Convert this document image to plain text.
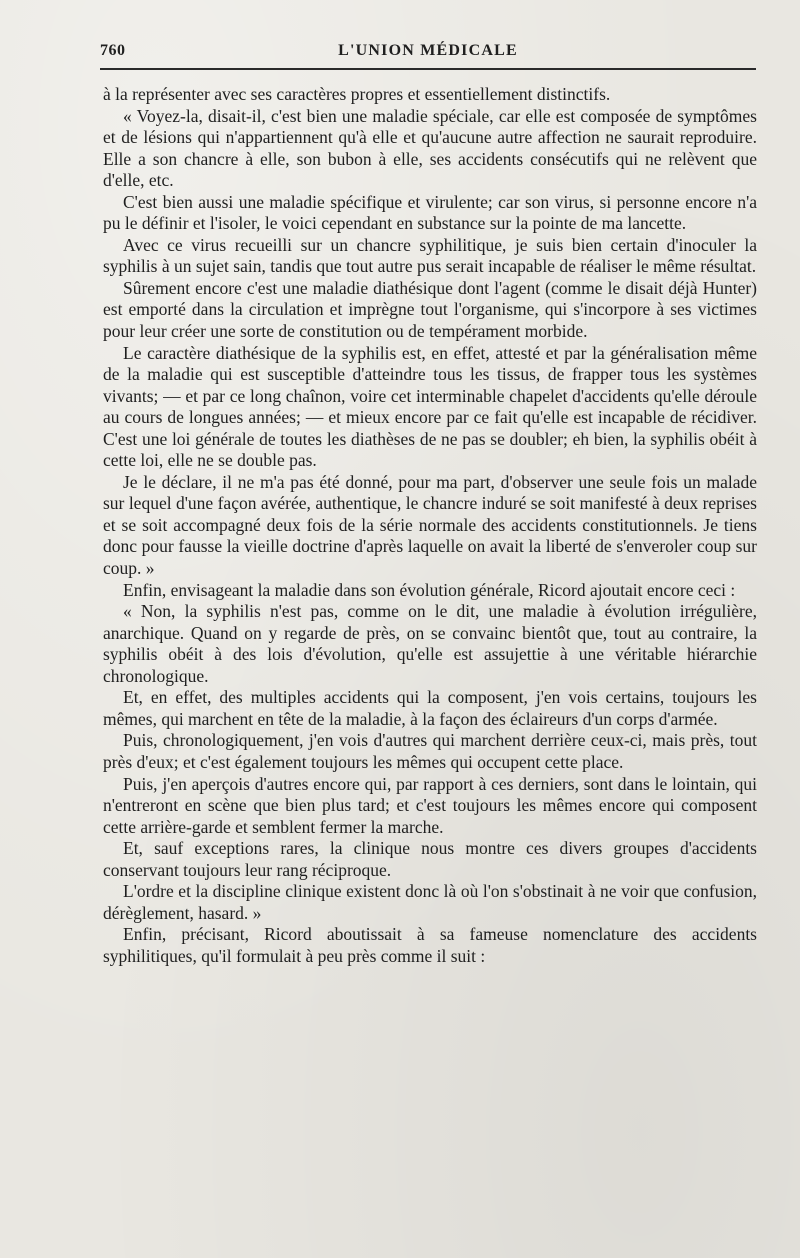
760	L'UNION MÉDICALE

à la représenter avec ses caractères propres et essentiellement distinctifs.

« Voyez-la, disait-il, c'est bien une maladie spéciale, car elle est composée de symptômes et de lésions qui n'appartiennent qu'à elle et qu'aucune autre affection ne saurait reproduire. Elle a son chancre à elle, son bubon à elle, ses accidents consécutifs qui ne relèvent que d'elle, etc.

C'est bien aussi une maladie spécifique et virulente; car son virus, si personne encore n'a pu le définir et l'isoler, le voici cependant en substance sur la pointe de ma lancette.

Avec ce virus recueilli sur un chancre syphilitique, je suis bien certain d'inoculer la syphilis à un sujet sain, tandis que tout autre pus serait incapable de réaliser le même résultat.

Sûrement encore c'est une maladie diathésique dont l'agent (comme le disait déjà Hunter) est emporté dans la circulation et imprègne tout l'organisme, qui s'incorpore à ses victimes pour leur créer une sorte de constitution ou de tempérament morbide.

Le caractère diathésique de la syphilis est, en effet, attesté et par la généralisation même de la maladie qui est susceptible d'atteindre tous les tissus, de frapper tous les systèmes vivants; — et par ce long chaînon, voire cet interminable chapelet d'accidents qu'elle déroule au cours de longues années; — et mieux encore par ce fait qu'elle est incapable de récidiver. C'est une loi générale de toutes les diathèses de ne pas se doubler; eh bien, la syphilis obéit à cette loi, elle ne se double pas.

Je le déclare, il ne m'a pas été donné, pour ma part, d'observer une seule fois un malade sur lequel d'une façon avérée, authentique, le chancre induré se soit manifesté à deux reprises et se soit accompagné deux fois de la série normale des accidents constitutionnels. Je tiens donc pour fausse la vieille doctrine d'après laquelle on avait la liberté de s'enveroler coup sur coup. »

Enfin, envisageant la maladie dans son évolution générale, Ricord ajoutait encore ceci :

« Non, la syphilis n'est pas, comme on le dit, une maladie à évolution irrégulière, anarchique. Quand on y regarde de près, on se convainc bientôt que, tout au contraire, la syphilis obéit à des lois d'évolution, qu'elle est assujettie à une véritable hiérarchie chronologique.

Et, en effet, des multiples accidents qui la composent, j'en vois certains, toujours les mêmes, qui marchent en tête de la maladie, à la façon des éclaireurs d'un corps d'armée.

Puis, chronologiquement, j'en vois d'autres qui marchent derrière ceux-ci, mais près, tout près d'eux; et c'est également toujours les mêmes qui occupent cette place.

Puis, j'en aperçois d'autres encore qui, par rapport à ces derniers, sont dans le lointain, qui n'entreront en scène que bien plus tard; et c'est toujours les mêmes encore qui composent cette arrière-garde et semblent fermer la marche.

Et, sauf exceptions rares, la clinique nous montre ces divers groupes d'accidents conservant toujours leur rang réciproque.

L'ordre et la discipline clinique existent donc là où l'on s'obstinait à ne voir que confusion, dérèglement, hasard. »

Enfin, précisant, Ricord aboutissait à sa fameuse nomenclature des accidents syphilitiques, qu'il formulait à peu près comme il suit :
